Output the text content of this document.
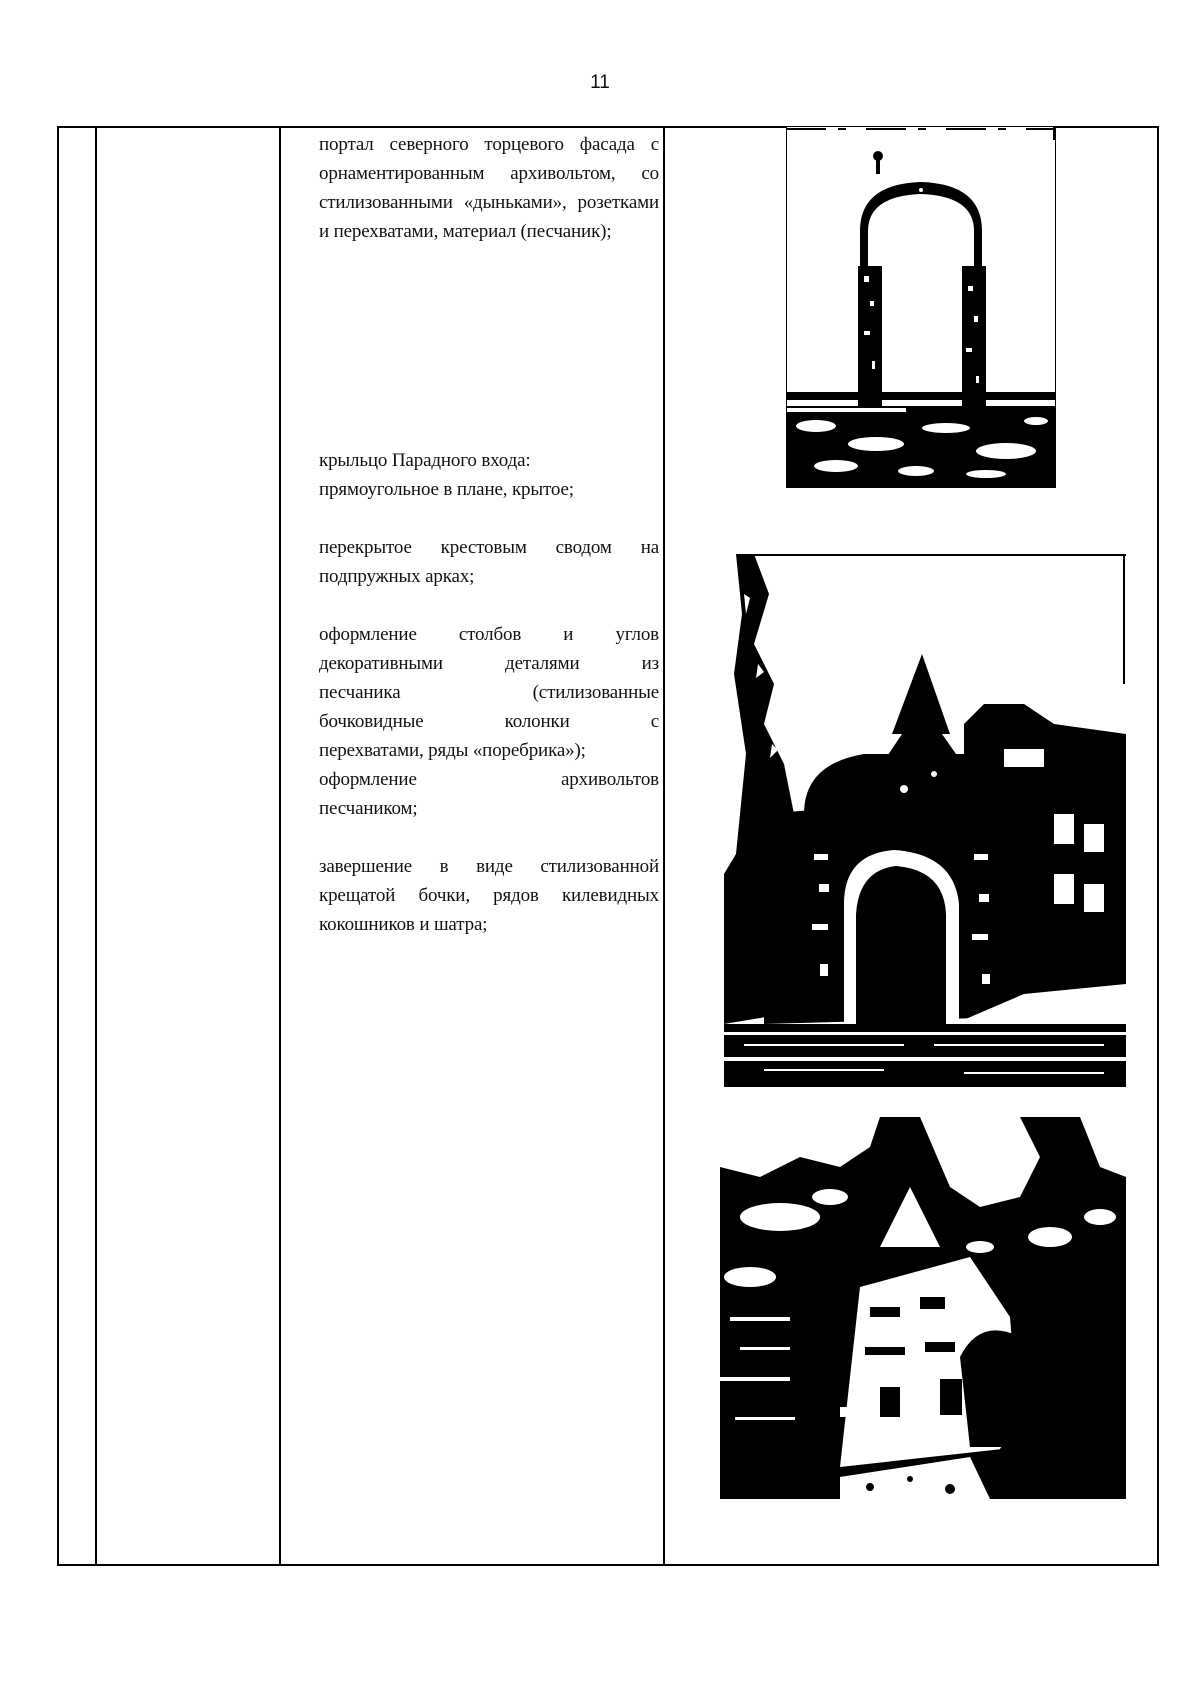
11

портал северного торцевого фасада с орнаментированным архивольтом, со стилизованными «дыньками», розетками и перехватами, материал (песчаник);

крыльцо Парадного входа:

прямоугольное в плане, крытое;

перекрытое крестовым сводом на подпружных арках;

оформление столбов и углов

декоративными деталями из

песчаника (стилизованные

бочковидные колонки с

перехватами, ряды «поребрика»);

оформление архивольтов

песчаником;

завершение в виде стилизованной крещатой бочки, рядов килевидных кокошников и шатра;
